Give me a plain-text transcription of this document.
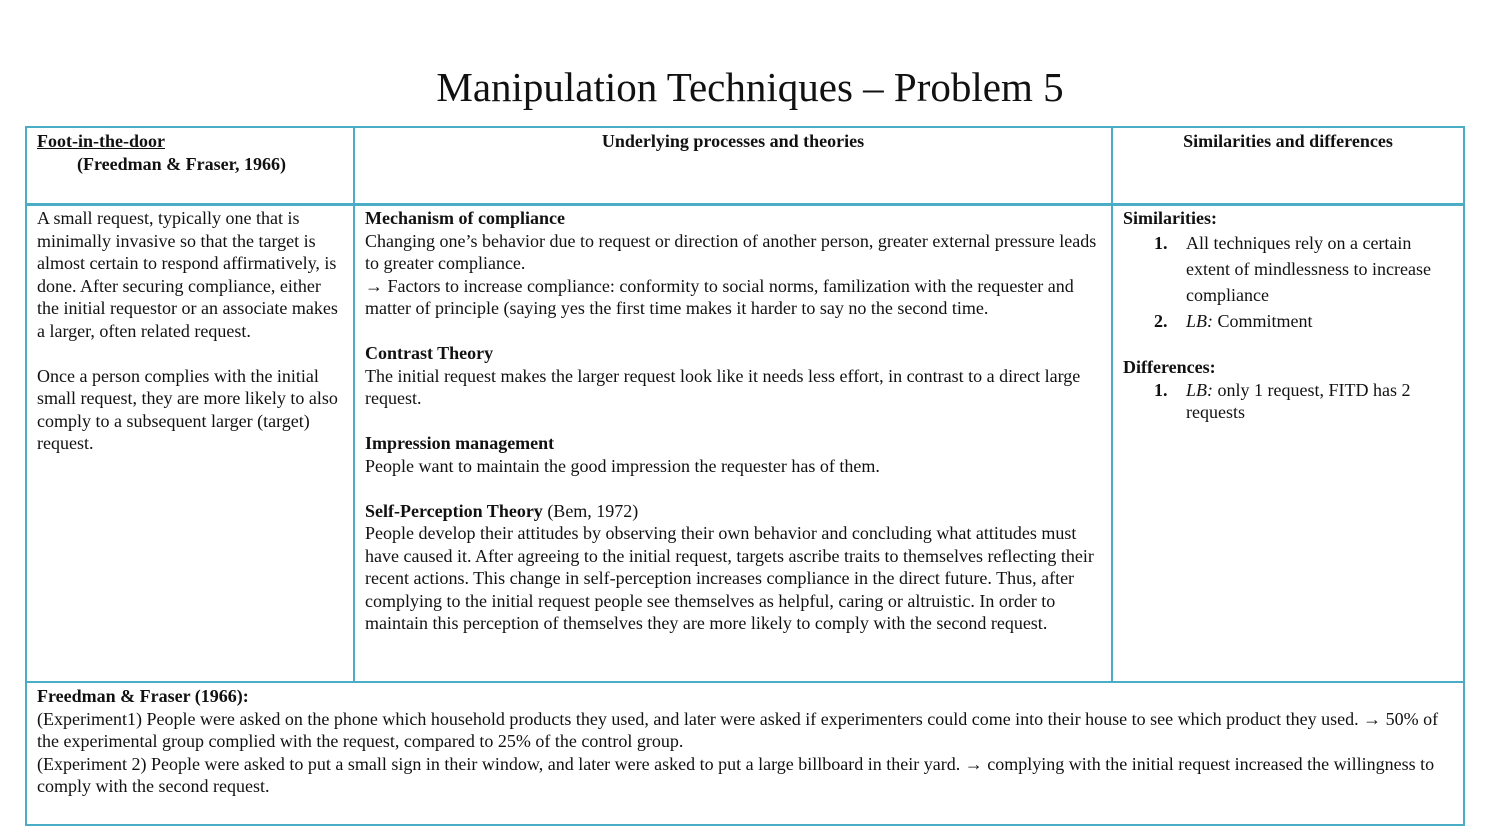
Manipulation Techniques – Problem 5

Foot-in-the-door

(Freedman & Fraser, 1966)

Underlying processes and theories	Similarities and differences

A small request, typically one that is minimally invasive so that the target is almost certain to respond affirmatively, is done. After securing compliance, either the initial requestor or an associate makes a larger, often related request.

Once a person complies with the initial small request, they are more likely to also comply to a subsequent larger (target) request.

Mechanism of compliance

Changing one’s behavior due to request or direction of another person, greater external pressure leads to greater compliance.

→ Factors to increase compliance: conformity to social norms, familization with the requester and matter of principle (saying yes the first time makes it harder to say no the second time.

Contrast Theory

The initial request makes the larger request look like it needs less effort, in contrast to a direct large request.

Impression management

People want to maintain the good impression the requester has of them.

Self-Perception Theory (Bem, 1972)

People develop their attitudes by observing their own behavior and concluding what attitudes must have caused it. After agreeing to the initial request, targets ascribe traits to themselves reflecting their recent actions. This change in self-perception increases compliance in the direct future. Thus, after complying to the initial request people see themselves as helpful, caring or altruistic. In order to maintain this perception of themselves they are more likely to comply with the second request.

Similarities:

1. All techniques rely on a certain extent of mindlessness to increase compliance
2. LB: Commitment

Differences:

1. LB: only 1 request, FITD has 2 requests

Freedman & Fraser (1966):

(Experiment1) People were asked on the phone which household products they used, and later were asked if experimenters could come into their house to see which product they used. → 50% of the experimental group complied with the request, compared to 25% of the control group.

(Experiment 2) People were asked to put a small sign in their window, and later were asked to put a large billboard in their yard. → complying with the initial request increased the willingness to comply with the second request.
